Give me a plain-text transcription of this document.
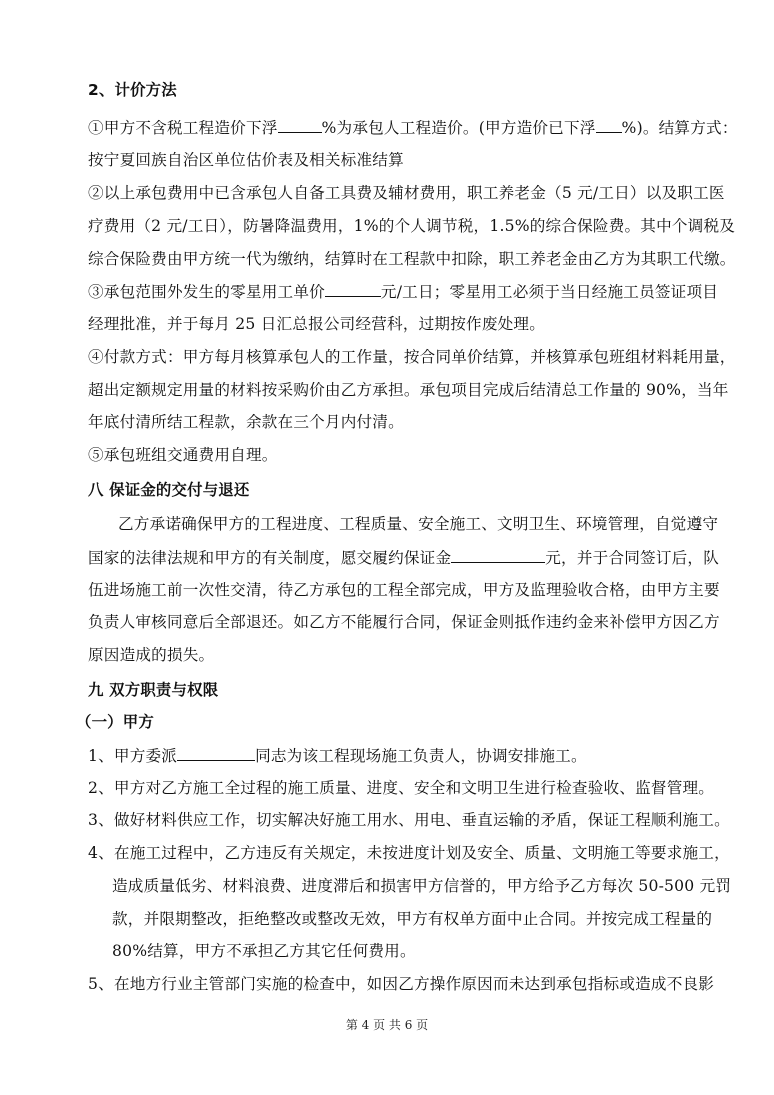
2、计价方法
①甲方不含税工程造价下浮	%为承包人工程造价。(甲方造价已下浮 %)。结算方式：
按宁夏回族自治区单位估价表及相关标准结算
②以上承包费用中已含承包人自备工具费及辅材费用，职工养老金（5 元/工日）以及职工医
疗费用（2 元/工日），防暑降温费用，1%的个人调节税，1.5%的综合保险费。其中个调税及
综合保险费由甲方统一代为缴纳，结算时在工程款中扣除，职工养老金由乙方为其职工代缴。
③承包范围外发生的零星用工单价	元/工日；零星用工必须于当日经施工员签证项目
经理批准，并于每月 25 日汇总报公司经营科，过期按作废处理。
④付款方式：甲方每月核算承包人的工作量，按合同单价结算，并核算承包班组材料耗用量，
超出定额规定用量的材料按采购价由乙方承担。承包项目完成后结清总工作量的 90%，当年
年底付清所结工程款，余款在三个月内付清。
⑤承包班组交通费用自理。
八 保证金的交付与退还
乙方承诺确保甲方的工程进度、工程质量、安全施工、文明卫生、环境管理，自觉遵守
国家的法律法规和甲方的有关制度，愿交履约保证金	元，并于合同签订后，队
伍进场施工前一次性交清，待乙方承包的工程全部完成，甲方及监理验收合格，由甲方主要
负责人审核同意后全部退还。如乙方不能履行合同，保证金则抵作违约金来补偿甲方因乙方
原因造成的损失。
九 双方职责与权限
（一）甲方
1、甲方委派	同志为该工程现场施工负责人，协调安排施工。
2、甲方对乙方施工全过程的施工质量、进度、安全和文明卫生进行检查验收、监督管理。
3、做好材料供应工作，切实解决好施工用水、用电、垂直运输的矛盾，保证工程顺利施工。
4、在施工过程中，乙方违反有关规定，未按进度计划及安全、质量、文明施工等要求施工，
造成质量低劣、材料浪费、进度滞后和损害甲方信誉的，甲方给予乙方每次 50-500 元罚
款，并限期整改，拒绝整改或整改无效，甲方有权单方面中止合同。并按完成工程量的
80%结算，甲方不承担乙方其它任何费用。
5、在地方行业主管部门实施的检查中，如因乙方操作原因而未达到承包指标或造成不良影
第 4 页 共 6 页
